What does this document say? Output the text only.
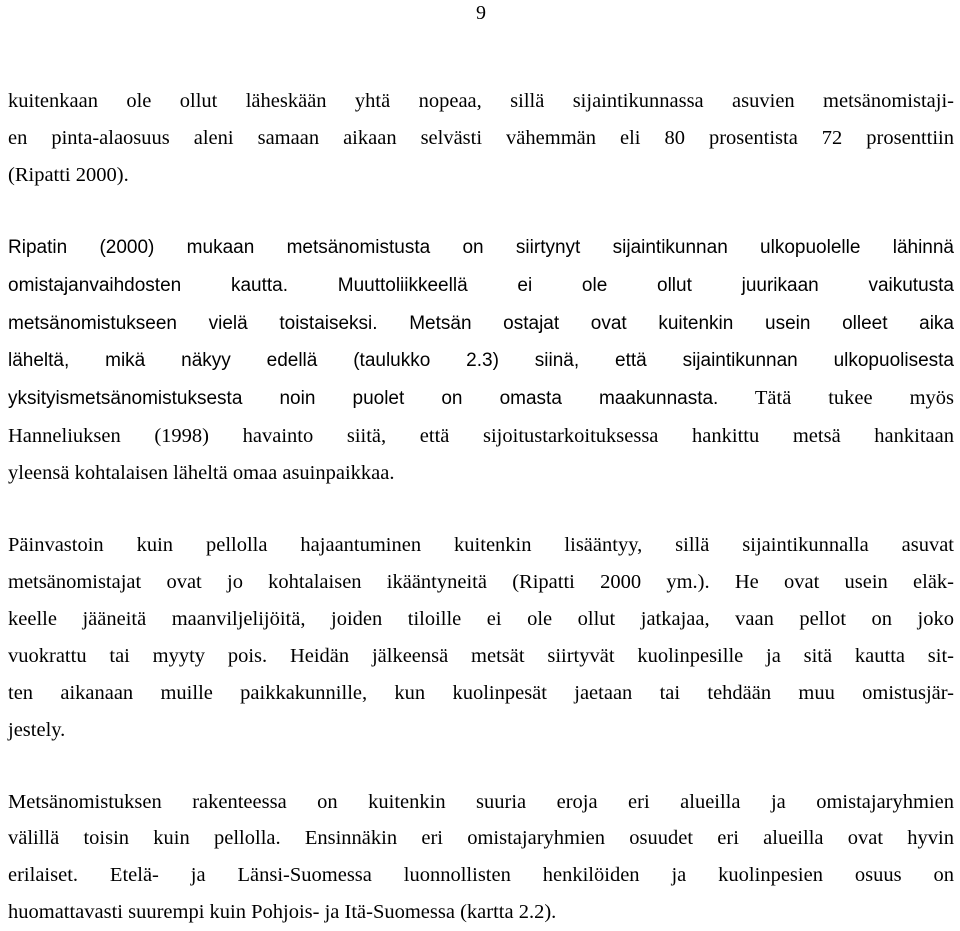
9

kuitenkaan ole ollut läheskään yhtä nopeaa, sillä sijaintikunnassa asuvien metsänomistaji-
en pinta-alaosuus aleni samaan aikaan selvästi vähemmän eli 80 prosentista 72 prosenttiin
(Ripatti 2000).

Ripatin (2000) mukaan metsänomistusta on siirtynyt sijaintikunnan ulkopuolelle lähinnä
omistajanvaihdosten kautta. Muuttoliikkeellä ei ole ollut juurikaan vaikutusta
metsänomistukseen vielä toistaiseksi. Metsän ostajat ovat kuitenkin usein olleet aika
läheltä, mikä näkyy edellä (taulukko 2.3) siinä, että sijaintikunnan ulkopuolisesta
yksityismetsänomistuksesta noin puolet on omasta maakunnasta. Tätä tukee myös
Hanneliuksen (1998) havainto siitä, että sijoitustarkoituksessa hankittu metsä hankitaan
yleensä kohtalaisen läheltä omaa asuinpaikkaa.

Päinvastoin kuin pellolla hajaantuminen kuitenkin lisääntyy, sillä sijaintikunnalla asuvat
metsänomistajat ovat jo kohtalaisen ikääntyneitä (Ripatti 2000 ym.). He ovat usein eläk-
keelle jääneitä maanviljelijöitä, joiden tiloille ei ole ollut jatkajaa, vaan pellot on joko
vuokrattu tai myyty pois. Heidän jälkeensä metsät siirtyvät kuolinpesille ja sitä kautta sit-
ten aikanaan muille paikkakunnille, kun kuolinpesät jaetaan tai tehdään muu omistusjär-
jestely.

Metsänomistuksen rakenteessa on kuitenkin suuria eroja eri alueilla ja omistajaryhmien
välillä toisin kuin pellolla. Ensinnäkin eri omistajaryhmien osuudet eri alueilla ovat hyvin
erilaiset. Etelä- ja Länsi-Suomessa luonnollisten henkilöiden ja kuolinpesien osuus on
huomattavasti suurempi kuin Pohjois- ja Itä-Suomessa (kartta 2.2).
